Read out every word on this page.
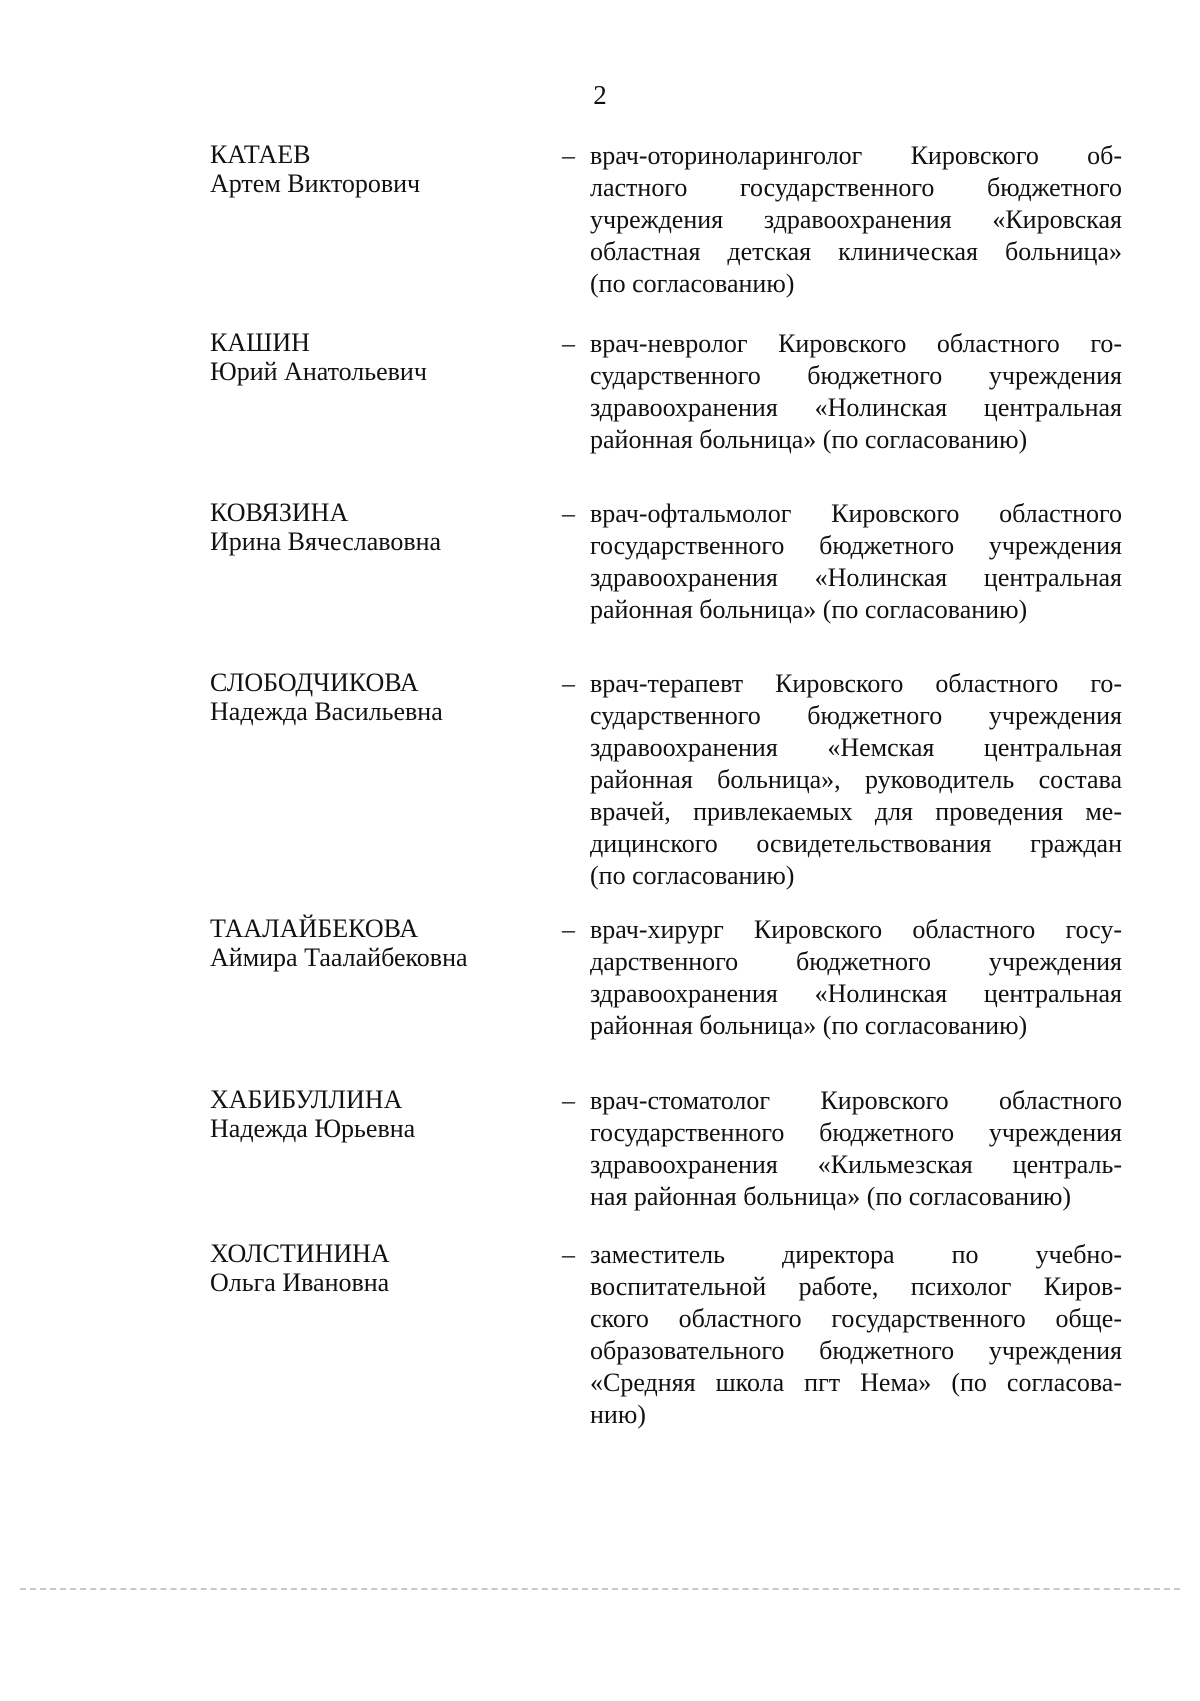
2
КАТАЕВ
Артем Викторович
– врач-оториноларинголог Кировского об-
ластного государственного бюджетного
учреждения здравоохранения «Кировская
областная детская клиническая больница»
(по согласованию)
КАШИН
Юрий Анатольевич
– врач-невролог Кировского областного го-
сударственного бюджетного учреждения
здравоохранения «Нолинская центральная
районная больница» (по согласованию)
КОВЯЗИНА
Ирина Вячеславовна
– врач-офтальмолог Кировского областного
государственного бюджетного учреждения
здравоохранения «Нолинская центральная
районная больница» (по согласованию)
СЛОБОДЧИКОВА
Надежда Васильевна
– врач-терапевт Кировского областного го-
сударственного бюджетного учреждения
здравоохранения «Немская центральная
районная больница», руководитель состава
врачей, привлекаемых для проведения ме-
дицинского освидетельствования граждан
(по согласованию)
ТААЛАЙБЕКОВА
Аймира Таалайбековна
– врач-хирург Кировского областного госу-
дарственного бюджетного учреждения
здравоохранения «Нолинская центральная
районная больница» (по согласованию)
ХАБИБУЛЛИНА
Надежда Юрьевна
– врач-стоматолог Кировского областного
государственного бюджетного учреждения
здравоохранения «Кильмезская централь-
ная районная больница» (по согласованию)
ХОЛСТИНИНА
Ольга Ивановна
– заместитель директора по учебно-
воспитательной работе, психолог Киров-
ского областного государственного обще-
образовательного бюджетного учреждения
«Средняя школа пгт Нема» (по согласова-
нию)
